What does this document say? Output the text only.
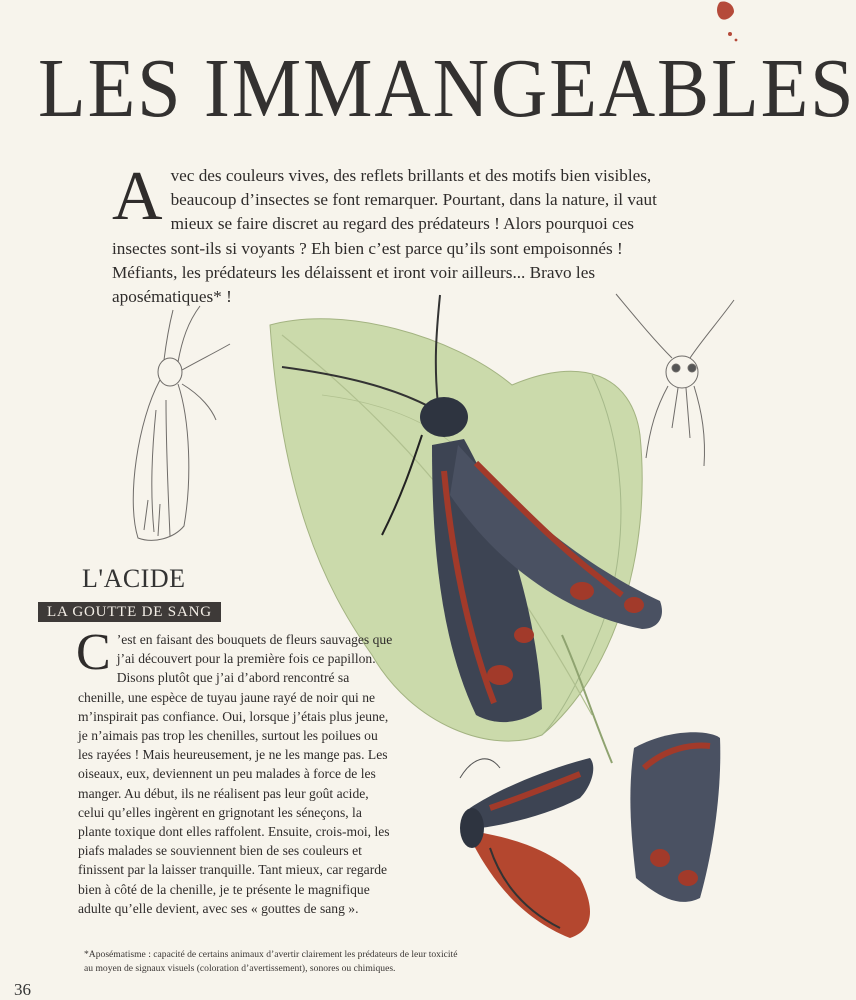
LES IMMANGEABLES
A vec des couleurs vives, des reflets brillants et des motifs bien visibles, beaucoup d’insectes se font remarquer. Pourtant, dans la nature, il vaut mieux se faire discret au regard des prédateurs ! Alors pourquoi ces insectes sont-ils si voyants ? Eh bien c’est parce qu’ils sont empoisonnés ! Méfiants, les prédateurs les délaissent et iront voir ailleurs... Bravo les aposématiques* !

L'ACIDE
LA GOUTTE DE SANG
C ’est en faisant des bouquets de fleurs sauvages que j’ai découvert pour la première fois ce papillon. Disons plutôt que j’ai d’abord rencontré sa chenille, une espèce de tuyau jaune rayé de noir qui ne m’inspirait pas confiance. Oui, lorsque j’étais plus jeune, je n’aimais pas trop les chenilles, surtout les poilues ou les rayées ! Mais heureusement, je ne les mange pas. Les oiseaux, eux, deviennent un peu malades à force de les manger. Au début, ils ne réalisent pas leur goût acide, celui qu’elles ingèrent en grignotant les séneçons, la plante toxique dont elles raffolent. Ensuite, crois-moi, les piafs malades se souviennent bien de ses couleurs et finissent par la laisser tranquille. Tant mieux, car regarde bien à côté de la chenille, je te présente le magnifique adulte qu’elle devient, avec ses « gouttes de sang ».

*Aposématisme : capacité de certains animaux d’avertir clairement les prédateurs de leur toxicité au moyen de signaux visuels (coloration d’avertissement), sonores ou chimiques.
36
